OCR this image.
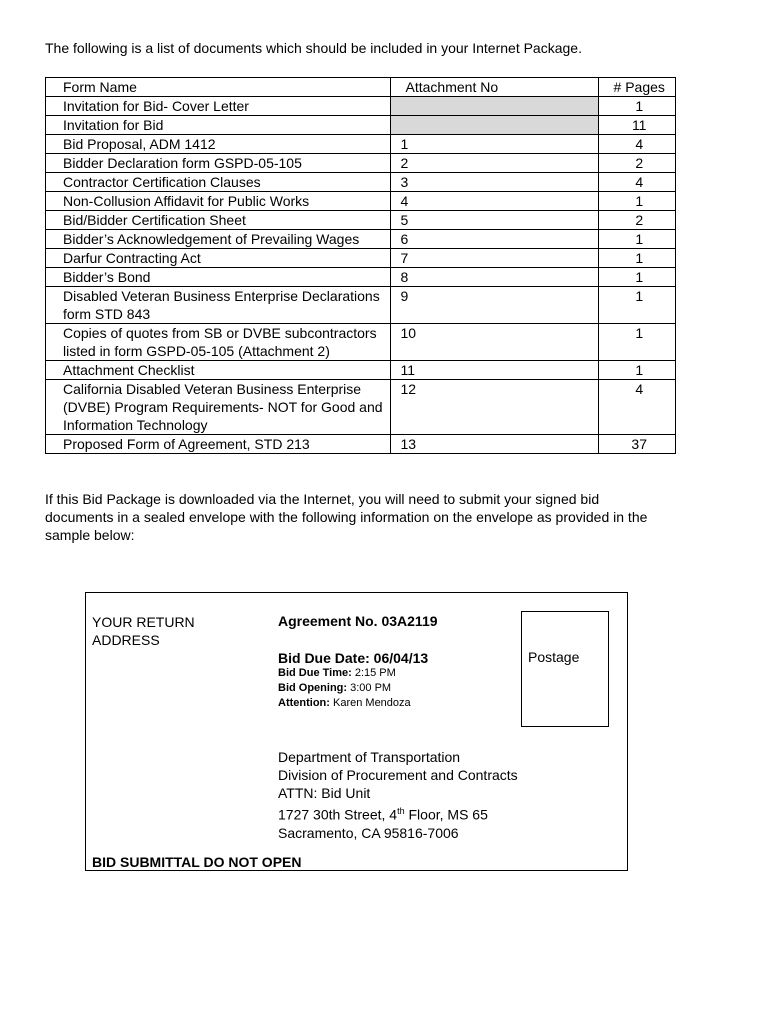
The following is a list of documents which should be included in your Internet Package.
Form Name	Attachment No	# Pages
Invitation for Bid- Cover Letter		1
Invitation for Bid		11
Bid Proposal, ADM 1412	1	4
Bidder Declaration form GSPD-05-105	2	2
Contractor Certification Clauses	3	4
Non-Collusion Affidavit for Public Works	4	1
Bid/Bidder Certification Sheet	5	2
Bidder’s Acknowledgement of Prevailing Wages	6	1
Darfur Contracting Act	7	1
Bidder’s Bond	8	1
Disabled Veteran Business Enterprise Declarations form STD 843	9	1
Copies of quotes from SB or DVBE subcontractors listed in form GSPD-05-105 (Attachment 2)	10	1
Attachment Checklist	11	1
California Disabled Veteran Business Enterprise (DVBE) Program Requirements- NOT for Good and Information Technology	12	4
Proposed Form of Agreement, STD 213	13	37
If this Bid Package is downloaded via the Internet, you will need to submit your signed bid documents in a sealed envelope with the following information on the envelope as provided in the sample below:
YOUR RETURN ADDRESS
Agreement No. 03A2119
Bid Due Date: 06/04/13
Bid Due Time: 2:15 PM
Bid Opening: 3:00 PM
Attention: Karen Mendoza
Postage
Department of Transportation
Division of Procurement and Contracts
ATTN: Bid Unit
1727 30th Street, 4th Floor, MS 65
Sacramento, CA 95816-7006
BID SUBMITTAL DO NOT OPEN
